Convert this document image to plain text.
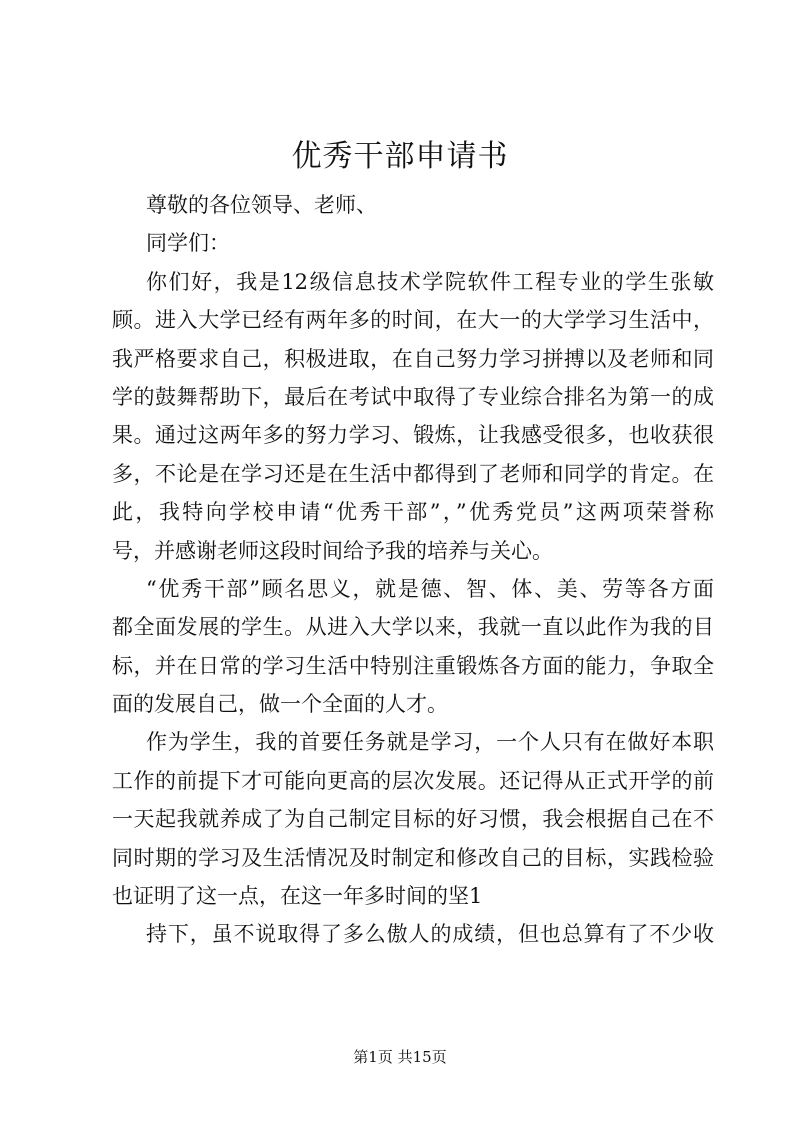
优秀干部申请书

尊敬的各位领导、老师、

同学们：

你们好，我是12级信息技术学院软件工程专业的学生张敏

顾。进入大学已经有两年多的时间，在大一的大学学习生活中，

我严格要求自己，积极进取，在自己努力学习拼搏以及老师和同

学的鼓舞帮助下，最后在考试中取得了专业综合排名为第一的成

果。通过这两年多的努力学习、锻炼，让我感受很多，也收获很

多，不论是在学习还是在生活中都得到了老师和同学的肯定。在

此，我特向学校申请“优秀干部”，”优秀党员”这两项荣誉称

号，并感谢老师这段时间给予我的培养与关心。

“优秀干部”顾名思义，就是德、智、体、美、劳等各方面

都全面发展的学生。从进入大学以来，我就一直以此作为我的目

标，并在日常的学习生活中特别注重锻炼各方面的能力，争取全

面的发展自己，做一个全面的人才。

作为学生，我的首要任务就是学习，一个人只有在做好本职

工作的前提下才可能向更高的层次发展。还记得从正式开学的前

一天起我就养成了为自己制定目标的好习惯，我会根据自己在不

同时期的学习及生活情况及时制定和修改自己的目标，实践检验

也证明了这一点，在这一年多时间的坚1

持下，虽不说取得了多么傲人的成绩，但也总算有了不少收

第1页 共15页
